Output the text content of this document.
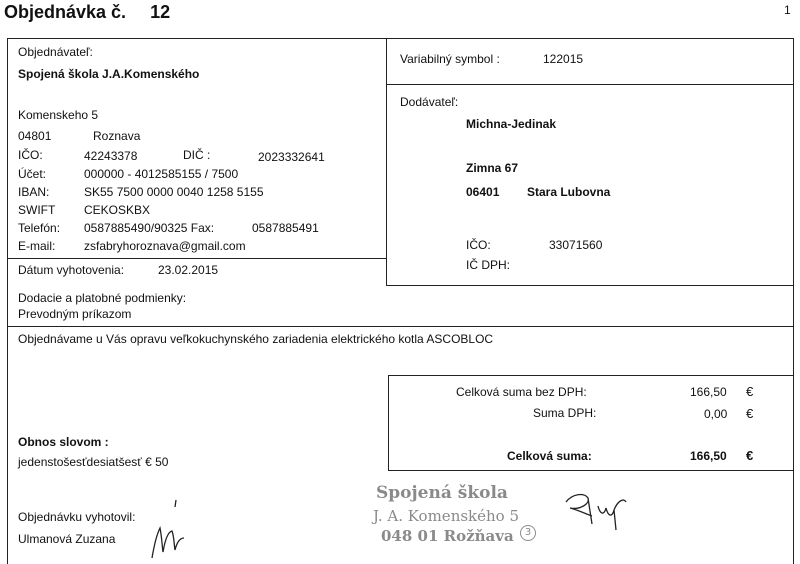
Objednávka č. 12	1
Objednávateľ:
Spojená škola J.A.Komenského
Komenskeho 5
04801	Roznava
IČO:	42243378	DIČ :	2023332641
Účet:	000000 - 4012585155 / 7500
IBAN:	SK55 7500 0000 0040 1258 5155
SWIFT CEKOSKBX
Telefón: 0587885490/90325 Fax:	0587885491
E-mail: zsfabryhoroznava@gmail.com
Dátum vyhotovenia:	23.02.2015
Variabilný symbol :	122015
Dodávateľ:
Michna-Jedinak
Zimna 67
06401 Stara Lubovna
IČO:	33071560
IČ DPH:
Dodacie a platobné podmienky:
Prevodným príkazom
Objednávame u Vás opravu veľkokuchynského zariadenia elektrického kotla ASCOBLOC
Celková suma bez DPH:	166,50 €
Suma DPH:	0,00 €
Celková suma:	166,50 €
Obnos slovom :
jedenstošesťdesiatšesť € 50
Objednávku vyhotovil:
Ulmanová Zuzana
Spojená škola
J. A. Komenského 5
048 01 Rožňava	3
